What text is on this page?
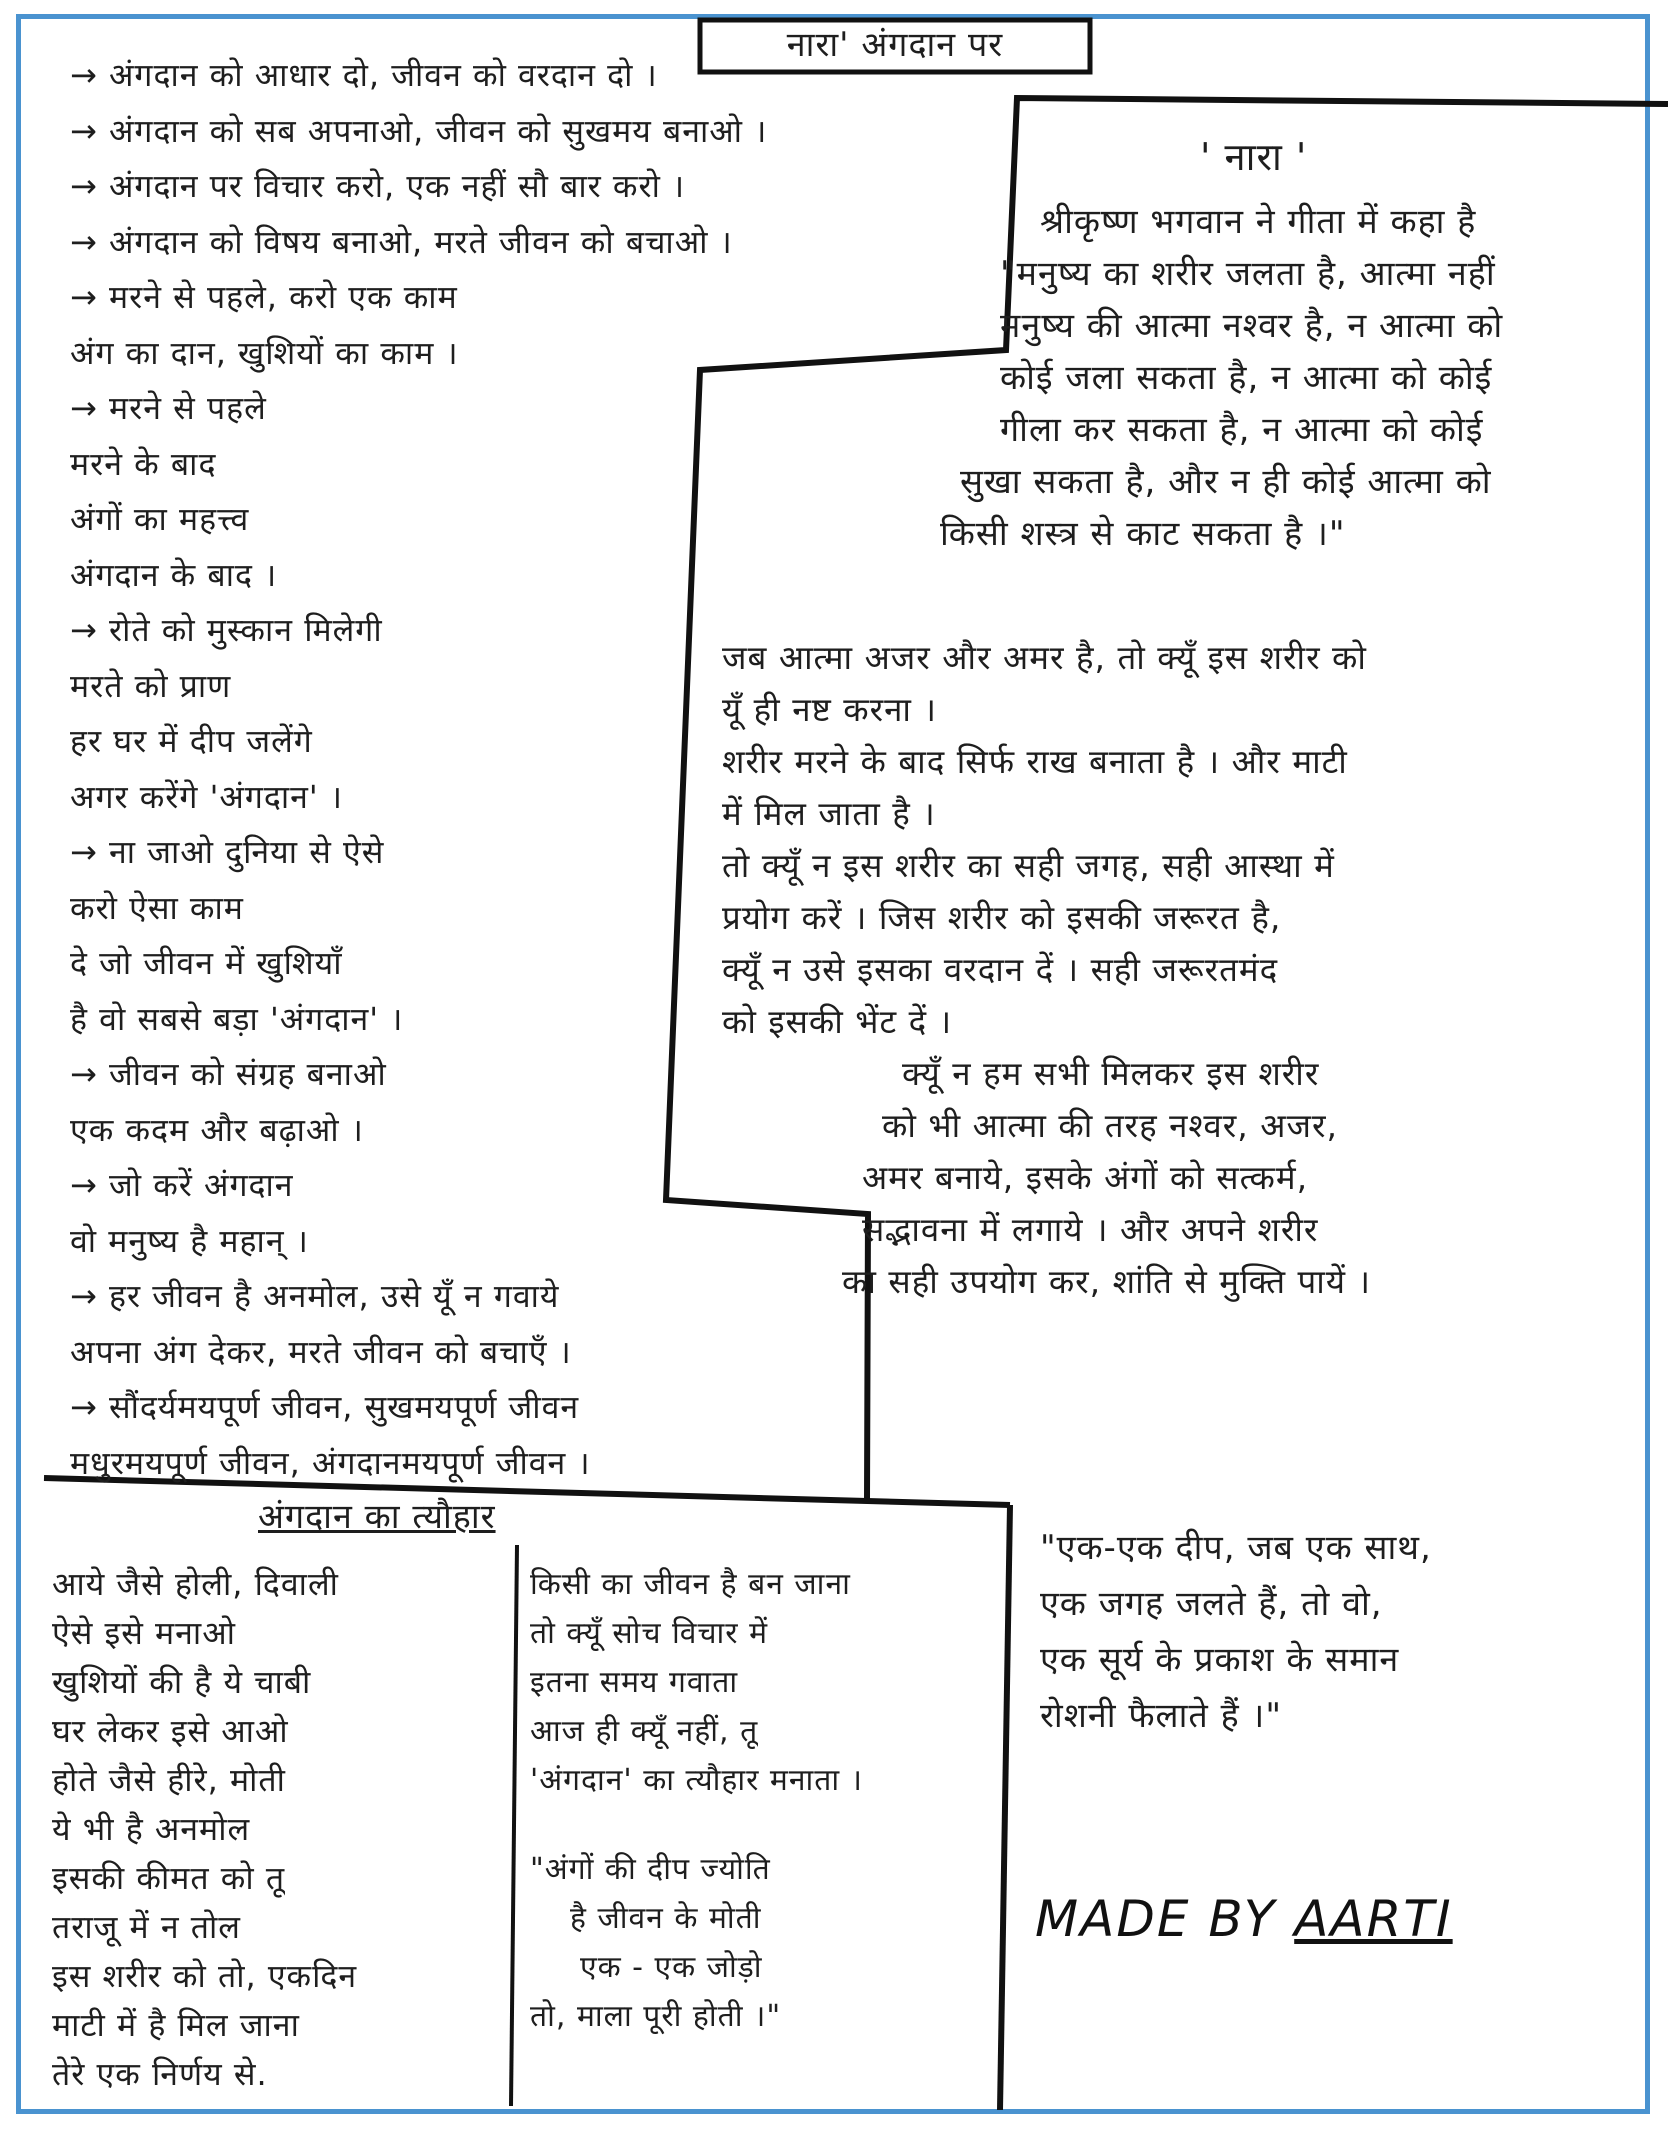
नारा' अंगदान पर
→ अंगदान को आधार दो, जीवन को वरदान दो ।
→ अंगदान को सब अपनाओ, जीवन को सुखमय बनाओ ।
→ अंगदान पर विचार करो, एक नहीं सौ बार करो ।
→ अंगदान को विषय बनाओ, मरते जीवन को बचाओ ।
→ मरने से पहले, करो एक काम
अंग का दान, खुशियों का काम ।
→ मरने से पहले
मरने के बाद
अंगों का महत्त्व
अंगदान के बाद ।
→ रोते को मुस्कान मिलेगी
मरते को प्राण
हर घर में दीप जलेंगे
अगर करेंगे 'अंगदान' ।
→ ना जाओ दुनिया से ऐसे
करो ऐसा काम
दे जो जीवन में खुशियाँ
है वो सबसे बड़ा 'अंगदान' ।
→ जीवन को संग्रह बनाओ
एक कदम और बढ़ाओ ।
→ जो करें अंगदान
वो मनुष्य है महान् ।
→ हर जीवन है अनमोल, उसे यूँ न गवाये
अपना अंग देकर, मरते जीवन को बचाएँ ।
→ सौंदर्यमयपूर्ण जीवन, सुखमयपूर्ण जीवन
मधुरमयपूर्ण जीवन, अंगदानमयपूर्ण जीवन ।
' नारा '
श्रीकृष्ण भगवान ने गीता में कहा है
"मनुष्य का शरीर जलता है, आत्मा नहीं
मनुष्य की आत्मा नश्वर है, न आत्मा को
कोई जला सकता है, न आत्मा को कोई
गीला कर सकता है, न आत्मा को कोई
सुखा सकता है, और न ही कोई आत्मा को
किसी शस्त्र से काट सकता है ।"
जब आत्मा अजर और अमर है, तो क्यूँ इस शरीर को
यूँ ही नष्ट करना ।
शरीर मरने के बाद सिर्फ राख बनाता है । और माटी
में मिल जाता है ।
तो क्यूँ न इस शरीर का सही जगह, सही आस्था में
प्रयोग करें । जिस शरीर को इसकी जरूरत है,
क्यूँ न उसे इसका वरदान दें । सही जरूरतमंद
को इसकी भेंट दें ।
क्यूँ न हम सभी मिलकर इस शरीर
को भी आत्मा की तरह नश्वर, अजर,
अमर बनाये, इसके अंगों को सत्कर्म,
सद्भावना में लगाये । और अपने शरीर
का सही उपयोग कर, शांति से मुक्ति पायें ।
अंगदान का त्यौहार
आये जैसे होली, दिवाली
ऐसे इसे मनाओ
खुशियों की है ये चाबी
घर लेकर इसे आओ
होते जैसे हीरे, मोती
ये भी है अनमोल
इसकी कीमत को तू
तराजू में न तोल
इस शरीर को तो, एकदिन
माटी में है मिल जाना
तेरे एक निर्णय से.
किसी का जीवन है बन जाना
तो क्यूँ सोच विचार में
इतना समय गवाता
आज ही क्यूँ नहीं, तू
'अंगदान' का त्यौहार मनाता ।
"अंगों की दीप ज्योति
है जीवन के मोती
एक - एक जोड़ो
तो, माला पूरी होती ।"
"एक-एक दीप, जब एक साथ,
एक जगह जलते हैं, तो वो,
एक सूर्य के प्रकाश के समान
रोशनी फैलाते हैं ।"
MADE BY AARTI
